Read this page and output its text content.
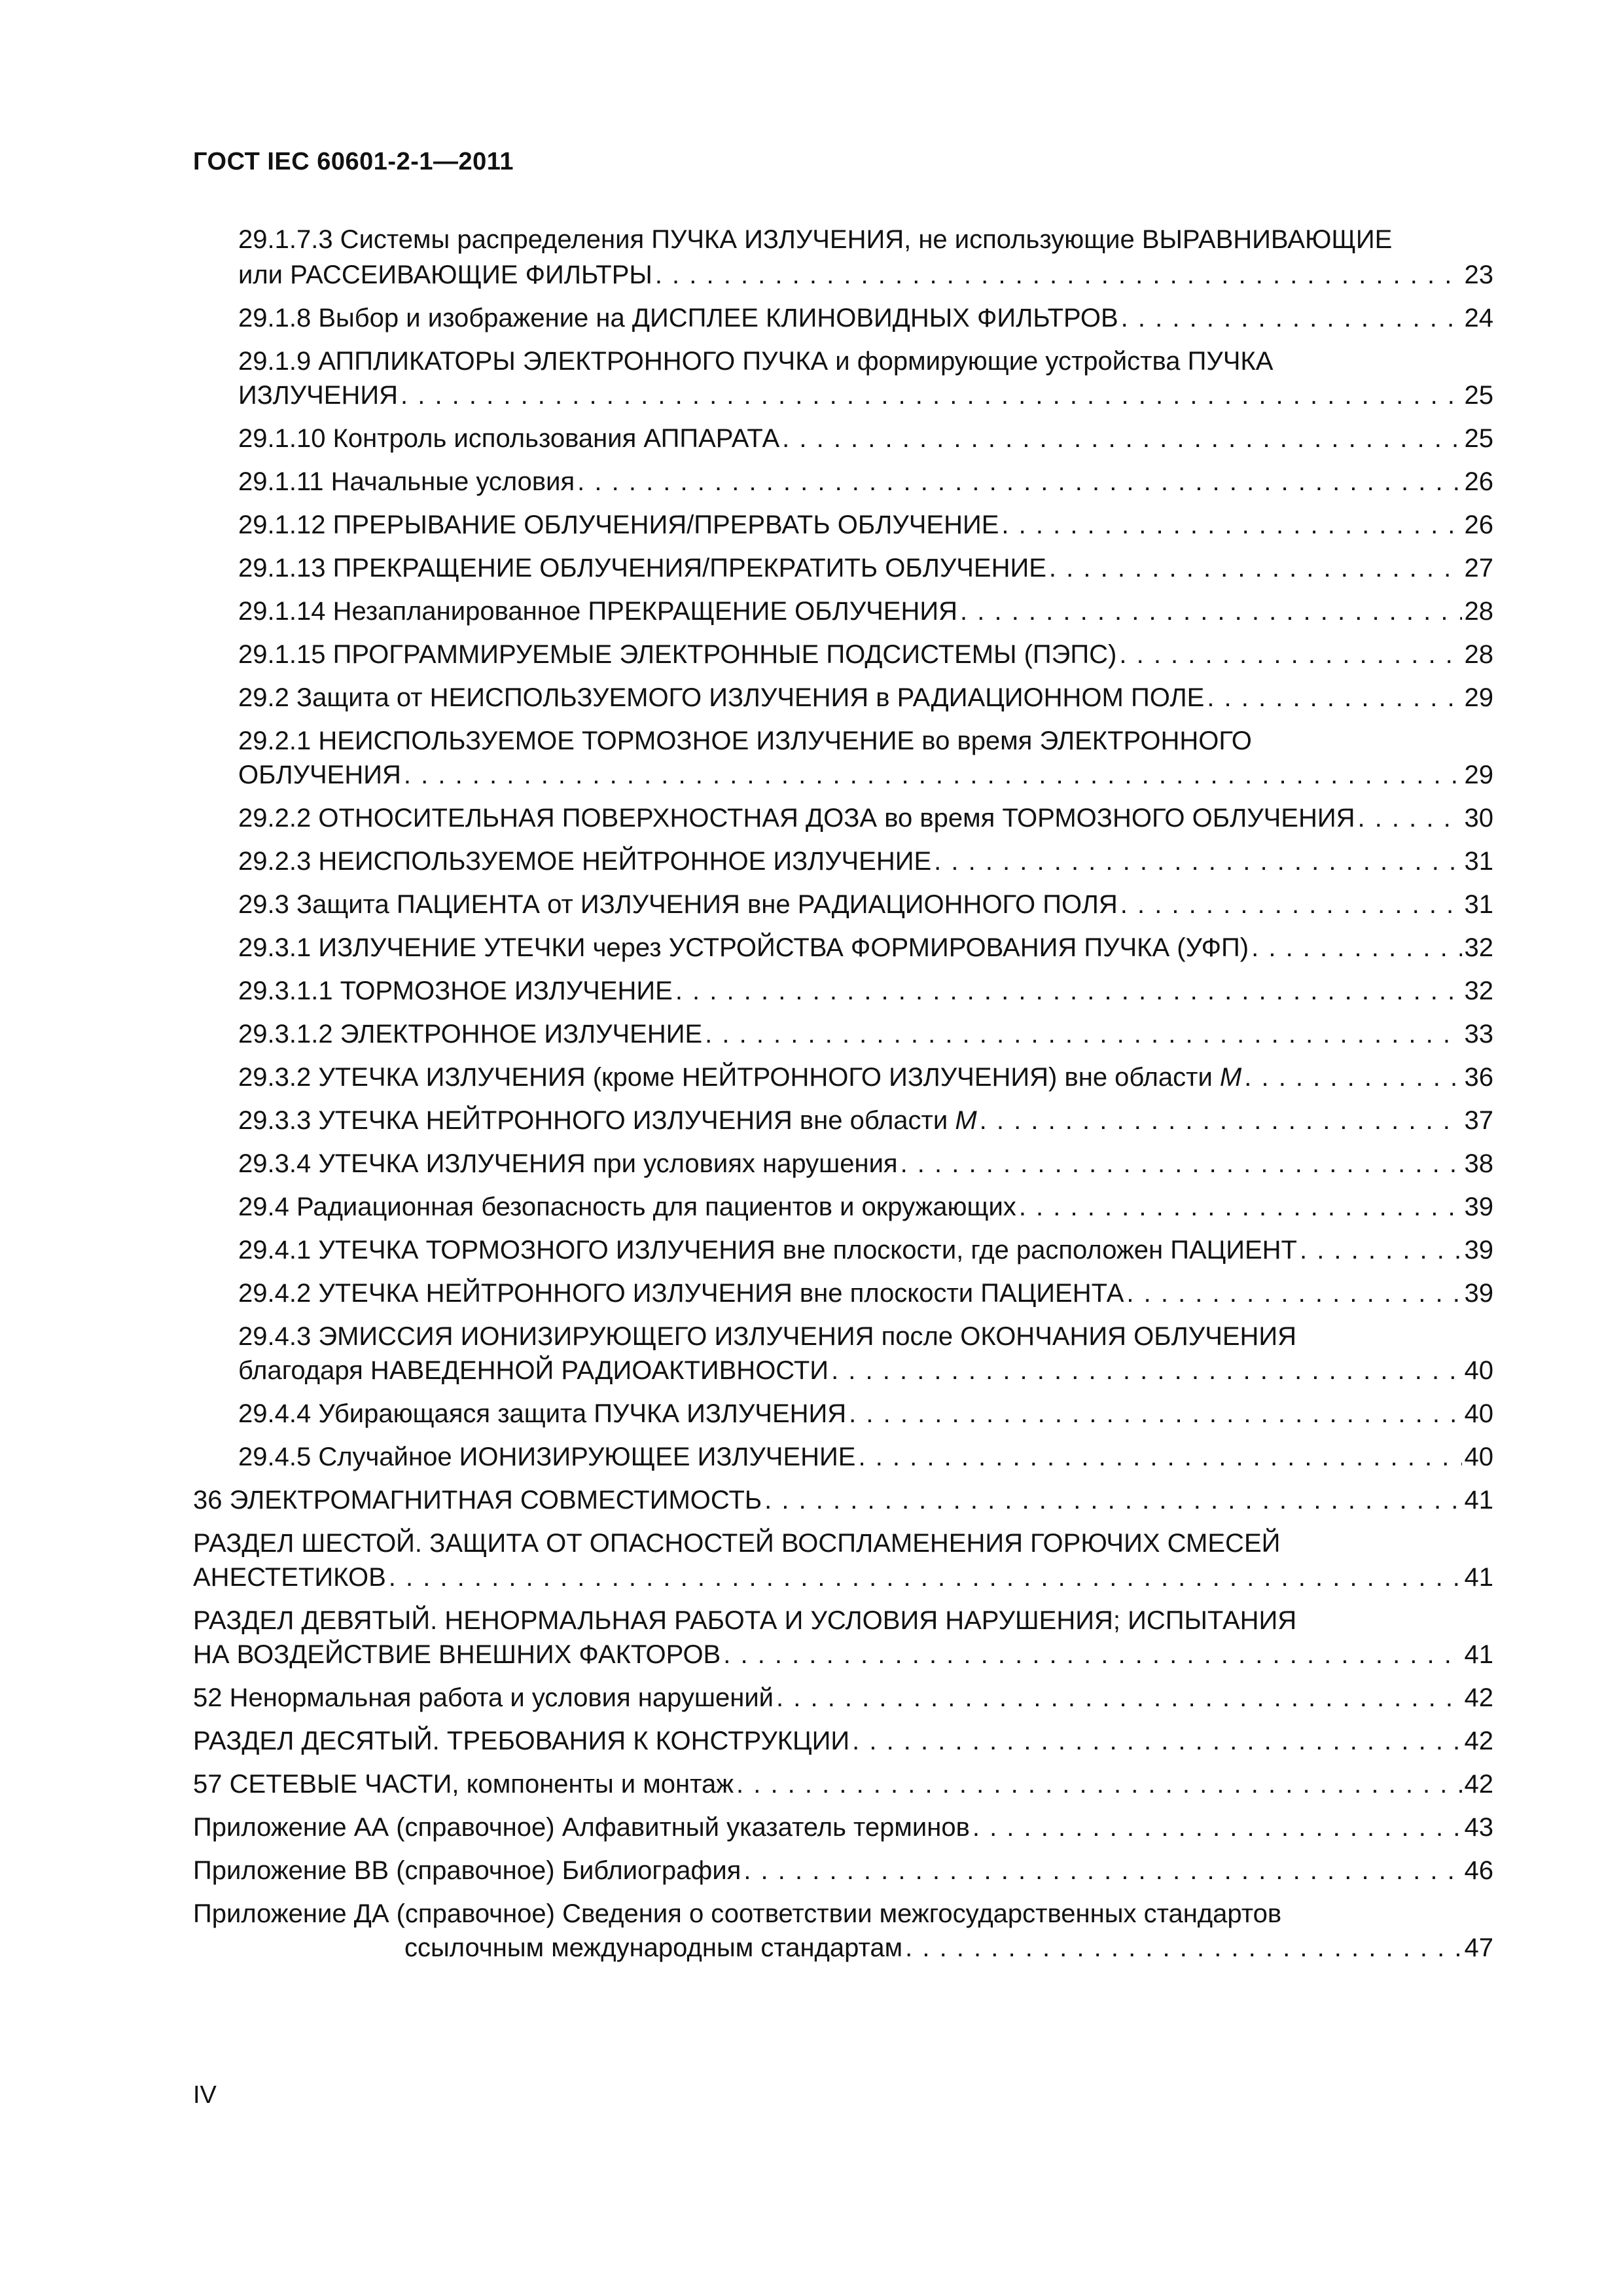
ГОСТ IEC 60601-2-1—2011
29.1.7.3 Системы распределения ПУЧКА ИЗЛУЧЕНИЯ, не использующие ВЫРАВНИВАЮЩИЕ
или РАССЕИВАЮЩИЕ ФИЛЬТРЫ . . .	23
29.1.8 Выбор и изображение на ДИСПЛЕЕ КЛИНОВИДНЫХ ФИЛЬТРОВ . . .	24
29.1.9 АППЛИКАТОРЫ ЭЛЕКТРОННОГО ПУЧКА и формирующие устройства ПУЧКА
ИЗЛУЧЕНИЯ . . .	25
29.1.10 Контроль использования АППАРАТА . . .	25
29.1.11 Начальные условия . . .	26
29.1.12 ПРЕРЫВАНИЕ ОБЛУЧЕНИЯ/ПРЕРВАТЬ ОБЛУЧЕНИЕ . . .	26
29.1.13 ПРЕКРАЩЕНИЕ ОБЛУЧЕНИЯ/ПРЕКРАТИТЬ ОБЛУЧЕНИЕ . . .	27
29.1.14 Незапланированное ПРЕКРАЩЕНИЕ ОБЛУЧЕНИЯ . . .	28
29.1.15 ПРОГРАММИРУЕМЫЕ ЭЛЕКТРОННЫЕ ПОДСИСТЕМЫ (ПЭПС) . . .	28
29.2 Защита от НЕИСПОЛЬЗУЕМОГО ИЗЛУЧЕНИЯ в РАДИАЦИОННОМ ПОЛЕ . . .	29
29.2.1 НЕИСПОЛЬЗУЕМОЕ ТОРМОЗНОЕ ИЗЛУЧЕНИЕ во время ЭЛЕКТРОННОГО
ОБЛУЧЕНИЯ . . .	29
29.2.2 ОТНОСИТЕЛЬНАЯ ПОВЕРХНОСТНАЯ ДОЗА во время ТОРМОЗНОГО ОБЛУЧЕНИЯ . . .	30
29.2.3 НЕИСПОЛЬЗУЕМОЕ НЕЙТРОННОЕ ИЗЛУЧЕНИЕ . . .	31
29.3 Защита ПАЦИЕНТА от ИЗЛУЧЕНИЯ вне РАДИАЦИОННОГО ПОЛЯ . . .	31
29.3.1 ИЗЛУЧЕНИЕ УТЕЧКИ через УСТРОЙСТВА ФОРМИРОВАНИЯ ПУЧКА (УФП) . . .	32
29.3.1.1 ТОРМОЗНОЕ ИЗЛУЧЕНИЕ . . .	32
29.3.1.2 ЭЛЕКТРОННОЕ ИЗЛУЧЕНИЕ . . .	33
29.3.2 УТЕЧКА ИЗЛУЧЕНИЯ (кроме НЕЙТРОННОГО ИЗЛУЧЕНИЯ) вне области M . . .	36
29.3.3 УТЕЧКА НЕЙТРОННОГО ИЗЛУЧЕНИЯ вне области M . . .	37
29.3.4 УТЕЧКА ИЗЛУЧЕНИЯ при условиях нарушения . . .	38
29.4 Радиационная безопасность для пациентов и окружающих . . .	39
29.4.1 УТЕЧКА ТОРМОЗНОГО ИЗЛУЧЕНИЯ вне плоскости, где расположен ПАЦИЕНТ . . .	39
29.4.2 УТЕЧКА НЕЙТРОННОГО ИЗЛУЧЕНИЯ вне плоскости ПАЦИЕНТА . . .	39
29.4.3 ЭМИССИЯ ИОНИЗИРУЮЩЕГО ИЗЛУЧЕНИЯ после ОКОНЧАНИЯ ОБЛУЧЕНИЯ
благодаря НАВЕДЕННОЙ РАДИОАКТИВНОСТИ . . .	40
29.4.4 Убирающаяся защита ПУЧКА ИЗЛУЧЕНИЯ . . .	40
29.4.5 Случайное ИОНИЗИРУЮЩЕЕ ИЗЛУЧЕНИЕ . . .	40
36 ЭЛЕКТРОМАГНИТНАЯ СОВМЕСТИМОСТЬ . . .	41
РАЗДЕЛ ШЕСТОЙ. ЗАЩИТА ОТ ОПАСНОСТЕЙ ВОСПЛАМЕНЕНИЯ ГОРЮЧИХ СМЕСЕЙ
АНЕСТЕТИКОВ . . .	41
РАЗДЕЛ ДЕВЯТЫЙ. НЕНОРМАЛЬНАЯ РАБОТА И УСЛОВИЯ НАРУШЕНИЯ; ИСПЫТАНИЯ
НА ВОЗДЕЙСТВИЕ ВНЕШНИХ ФАКТОРОВ . . .	41
52 Ненормальная работа и условия нарушений . . .	42
РАЗДЕЛ ДЕСЯТЫЙ. ТРЕБОВАНИЯ К КОНСТРУКЦИИ . . .	42
57 СЕТЕВЫЕ ЧАСТИ, компоненты и монтаж . . .	42
Приложение АА (справочное) Алфавитный указатель терминов . . .	43
Приложение ВВ (справочное) Библиография . . .	46
Приложение ДА (справочное) Сведения о соответствии межгосударственных стандартов
ссылочным международным стандартам . . .	47
IV
